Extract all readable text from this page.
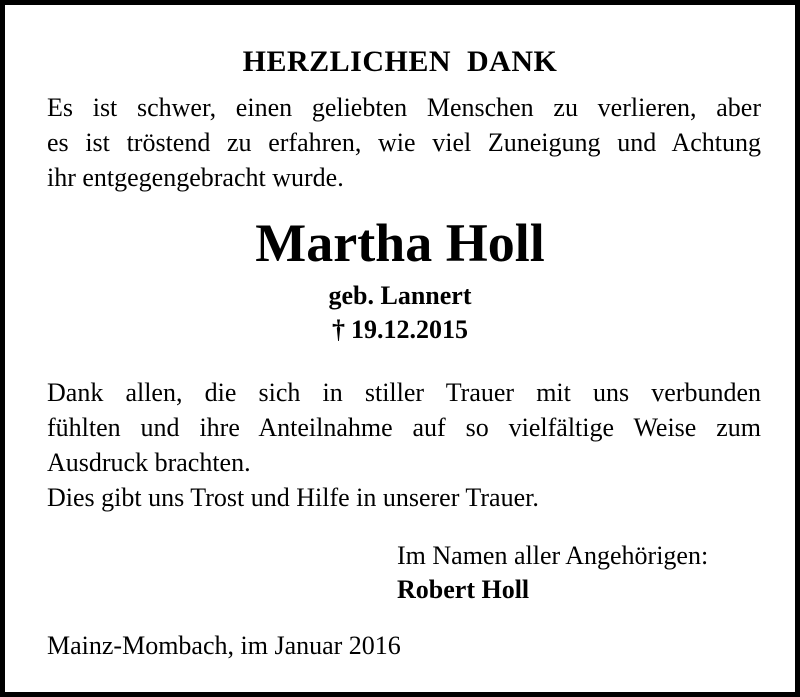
HERZLICHEN DANK
Es ist schwer, einen geliebten Menschen zu verlieren, aber
es ist tröstend zu erfahren, wie viel Zuneigung und Achtung
ihr entgegengebracht wurde.
Martha Holl
geb. Lannert
† 19.12.2015
Dank allen, die sich in stiller Trauer mit uns verbunden
fühlten und ihre Anteilnahme auf so vielfältige Weise zum
Ausdruck brachten.
Dies gibt uns Trost und Hilfe in unserer Trauer.
Im Namen aller Angehörigen:
Robert Holl
Mainz-Mombach, im Januar 2016
